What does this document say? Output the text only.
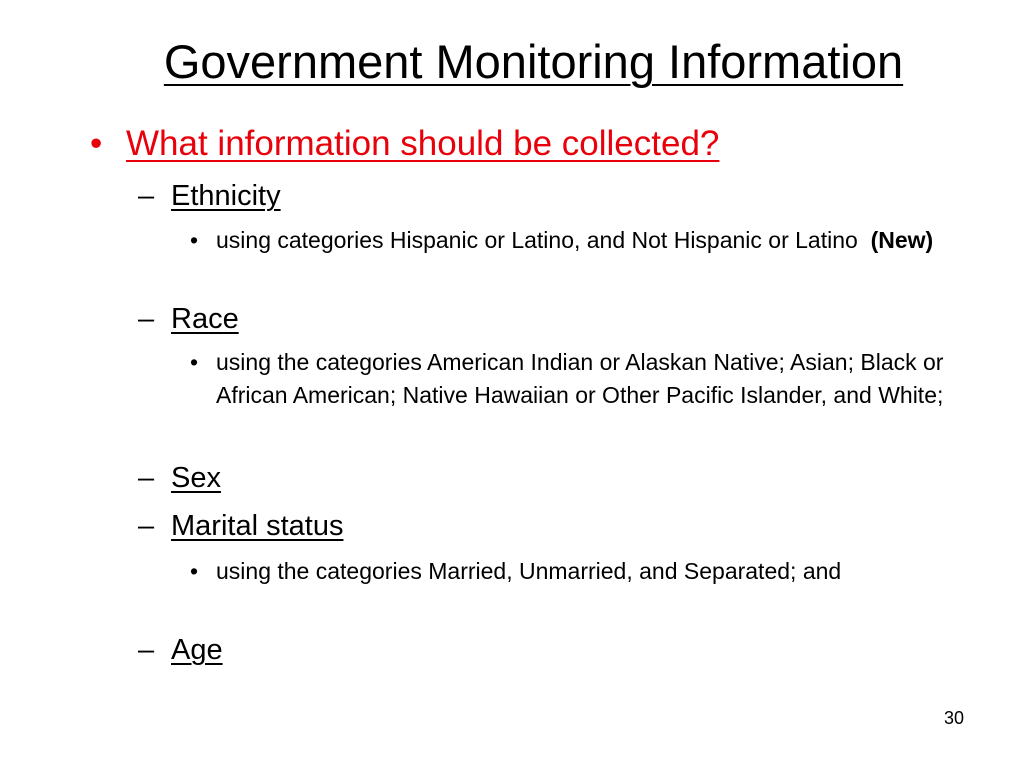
Government Monitoring Information
• What information should be collected?
– Ethnicity
• using categories Hispanic or Latino, and Not Hispanic or Latino (New)
– Race
• using the categories American Indian or Alaskan Native; Asian; Black or African American; Native Hawaiian or Other Pacific Islander, and White;
– Sex
– Marital status
• using the categories Married, Unmarried, and Separated; and
– Age
30
